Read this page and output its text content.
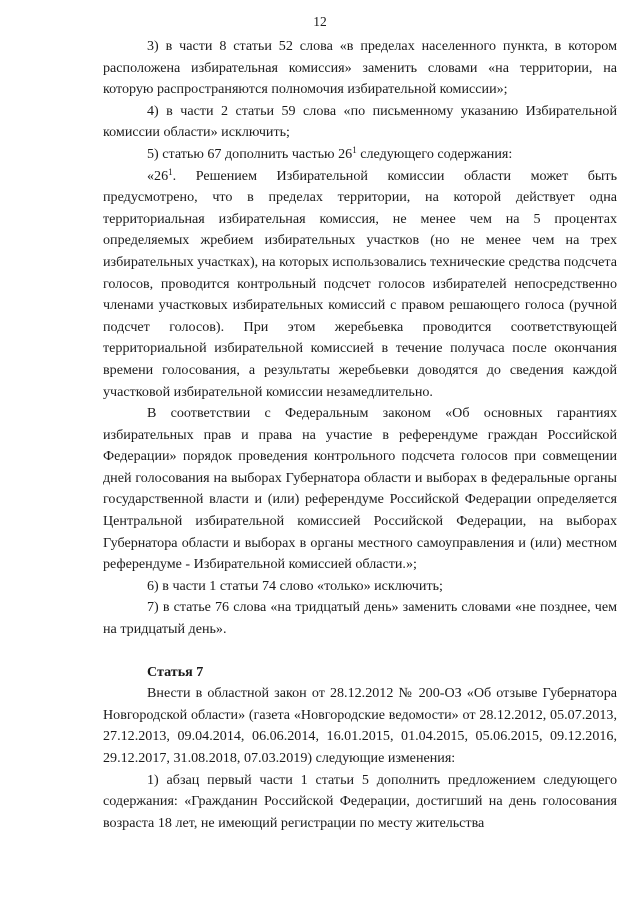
12

3) в части 8 статьи 52 слова «в пределах населенного пункта, в котором расположена избирательная комиссия» заменить словами «на территории, на которую распространяются полномочия избирательной комиссии»;

4) в части 2 статьи 59 слова «по письменному указанию Избирательной комиссии области» исключить;

5) статью 67 дополнить частью $26^1$ следующего содержания:

«$26^1$. Решением Избирательной комиссии области может быть предусмотрено, что в пределах территории, на которой действует одна территориальная избирательная комиссия, не менее чем на 5 процентах определяемых жребием избирательных участков (но не менее чем на трех избирательных участках), на которых использовались технические средства подсчета голосов, проводится контрольный подсчет голосов избирателей непосредственно членами участковых избирательных комиссий с правом решающего голоса (ручной подсчет голосов). При этом жеребьевка проводится соответствующей территориальной избирательной комиссией в течение получаса после окончания времени голосования, а результаты жеребьевки доводятся до сведения каждой участковой избирательной комиссии незамедлительно.

В соответствии с Федеральным законом «Об основных гарантиях избирательных прав и права на участие в референдуме граждан Российской Федерации» порядок проведения контрольного подсчета голосов при совмещении дней голосования на выборах Губернатора области и выборах в федеральные органы государственной власти и (или) референдуме Российской Федерации определяется Центральной избирательной комиссией Российской Федерации, на выборах Губернатора области и выборах в органы местного самоуправления и (или) местном референдуме - Избирательной комиссией области.»;

6) в части 1 статьи 74 слово «только» исключить;

7) в статье 76 слова «на тридцатый день» заменить словами «не позднее, чем на тридцатый день».

Статья 7

Внести в областной закон от 28.12.2012 № 200-ОЗ «Об отзыве Губернатора Новгородской области» (газета «Новгородские ведомости» от 28.12.2012, 05.07.2013, 27.12.2013, 09.04.2014, 06.06.2014, 16.01.2015, 01.04.2015, 05.06.2015, 09.12.2016, 29.12.2017, 31.08.2018, 07.03.2019) следующие изменения:

1) абзац первый части 1 статьи 5 дополнить предложением следующего содержания: «Гражданин Российской Федерации, достигший на день голосования возраста 18 лет, не имеющий регистрации по месту жительства
